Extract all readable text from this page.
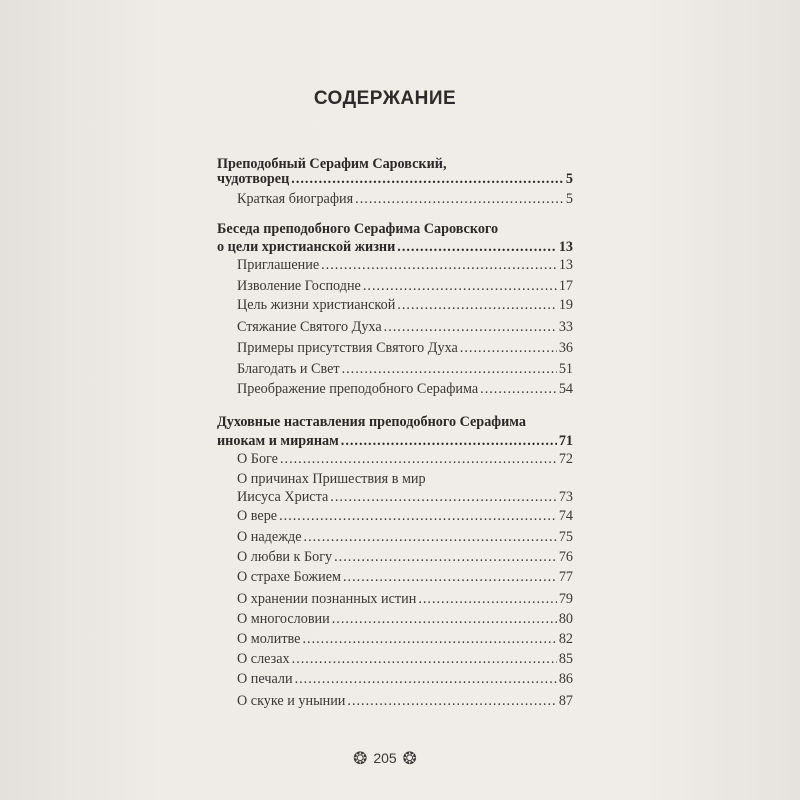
СОДЕРЖАНИЕ
Преподобный Серафим Саровский,
чудотворец .....	5
Краткая биография .....	5
Беседа преподобного Серафима Саровского
о цели христианской жизни .....	13
Приглашение .....	13
Изволение Господне .....	17
Цель жизни христианской .....	19
Стяжание Святого Духа .....	33
Примеры присутствия Святого Духа .....	36
Благодать и Свет .....	51
Преображение преподобного Серафима .....	54
Духовные наставления преподобного Серафима
инокам и мирянам .....	71
О Боге .....	72
О причинах Пришествия в мир
Иисуса Христа .....	73
О вере .....	74
О надежде .....	75
О любви к Богу .....	76
О страхе Божием .....	77
О хранении познанных истин .....	79
О многословии .....	80
О молитве .....	82
О слезах .....	85
О печали .....	86
О скуке и унынии .....	87
❂ 205 ❂
